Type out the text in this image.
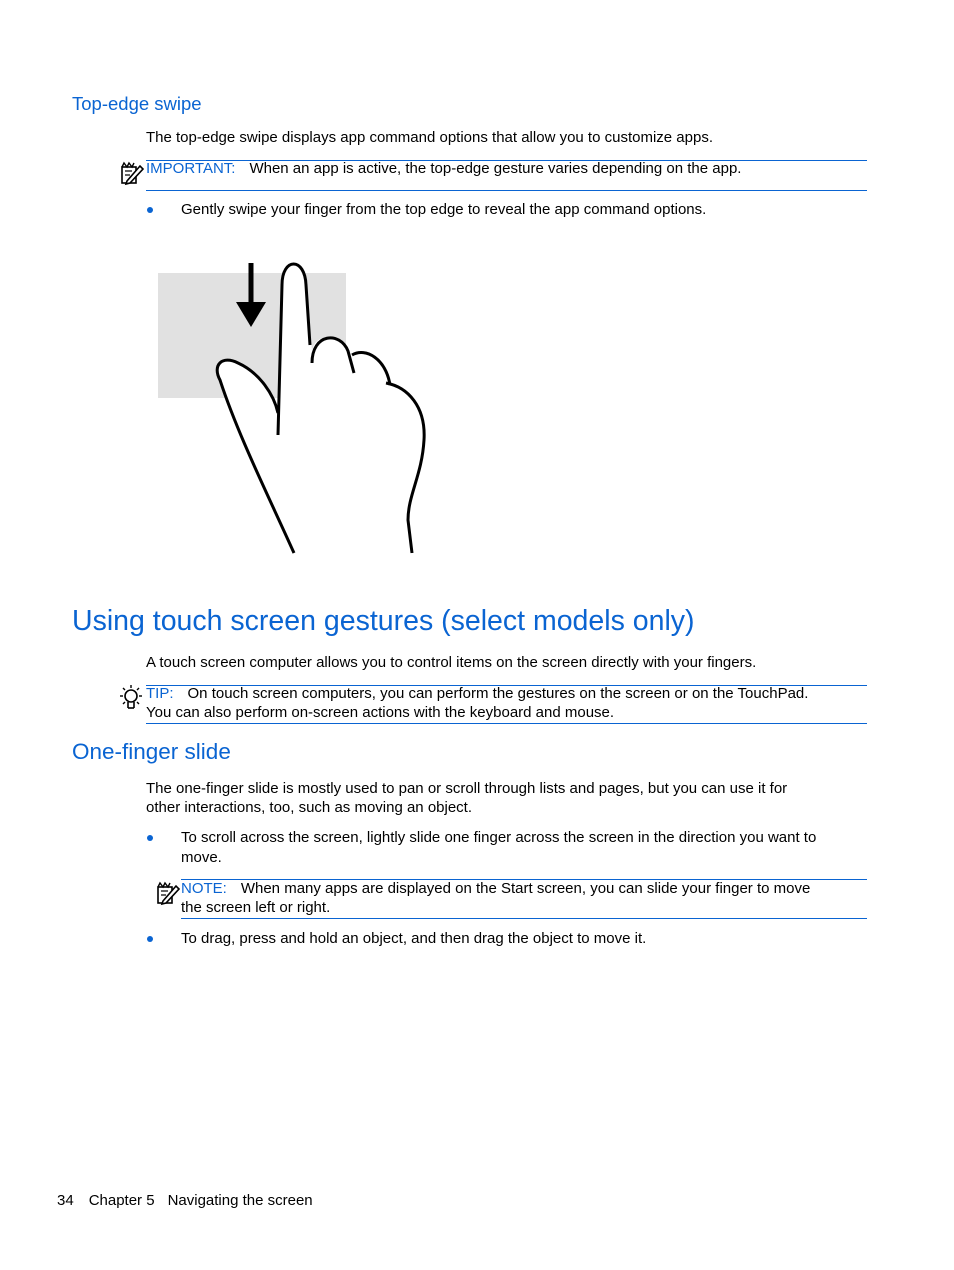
Top-edge swipe
The top-edge swipe displays app command options that allow you to customize apps.
IMPORTANT: When an app is active, the top-edge gesture varies depending on the app.
Gently swipe your finger from the top edge to reveal the app command options.
Using touch screen gestures (select models only)
A touch screen computer allows you to control items on the screen directly with your fingers.
TIP: On touch screen computers, you can perform the gestures on the screen or on the TouchPad.
You can also perform on-screen actions with the keyboard and mouse.
One-finger slide
The one-finger slide is mostly used to pan or scroll through lists and pages, but you can use it for
other interactions, too, such as moving an object.
To scroll across the screen, lightly slide one finger across the screen in the direction you want to
move.
NOTE: When many apps are displayed on the Start screen, you can slide your finger to move
the screen left or right.
To drag, press and hold an object, and then drag the object to move it.
34 Chapter 5 Navigating the screen
